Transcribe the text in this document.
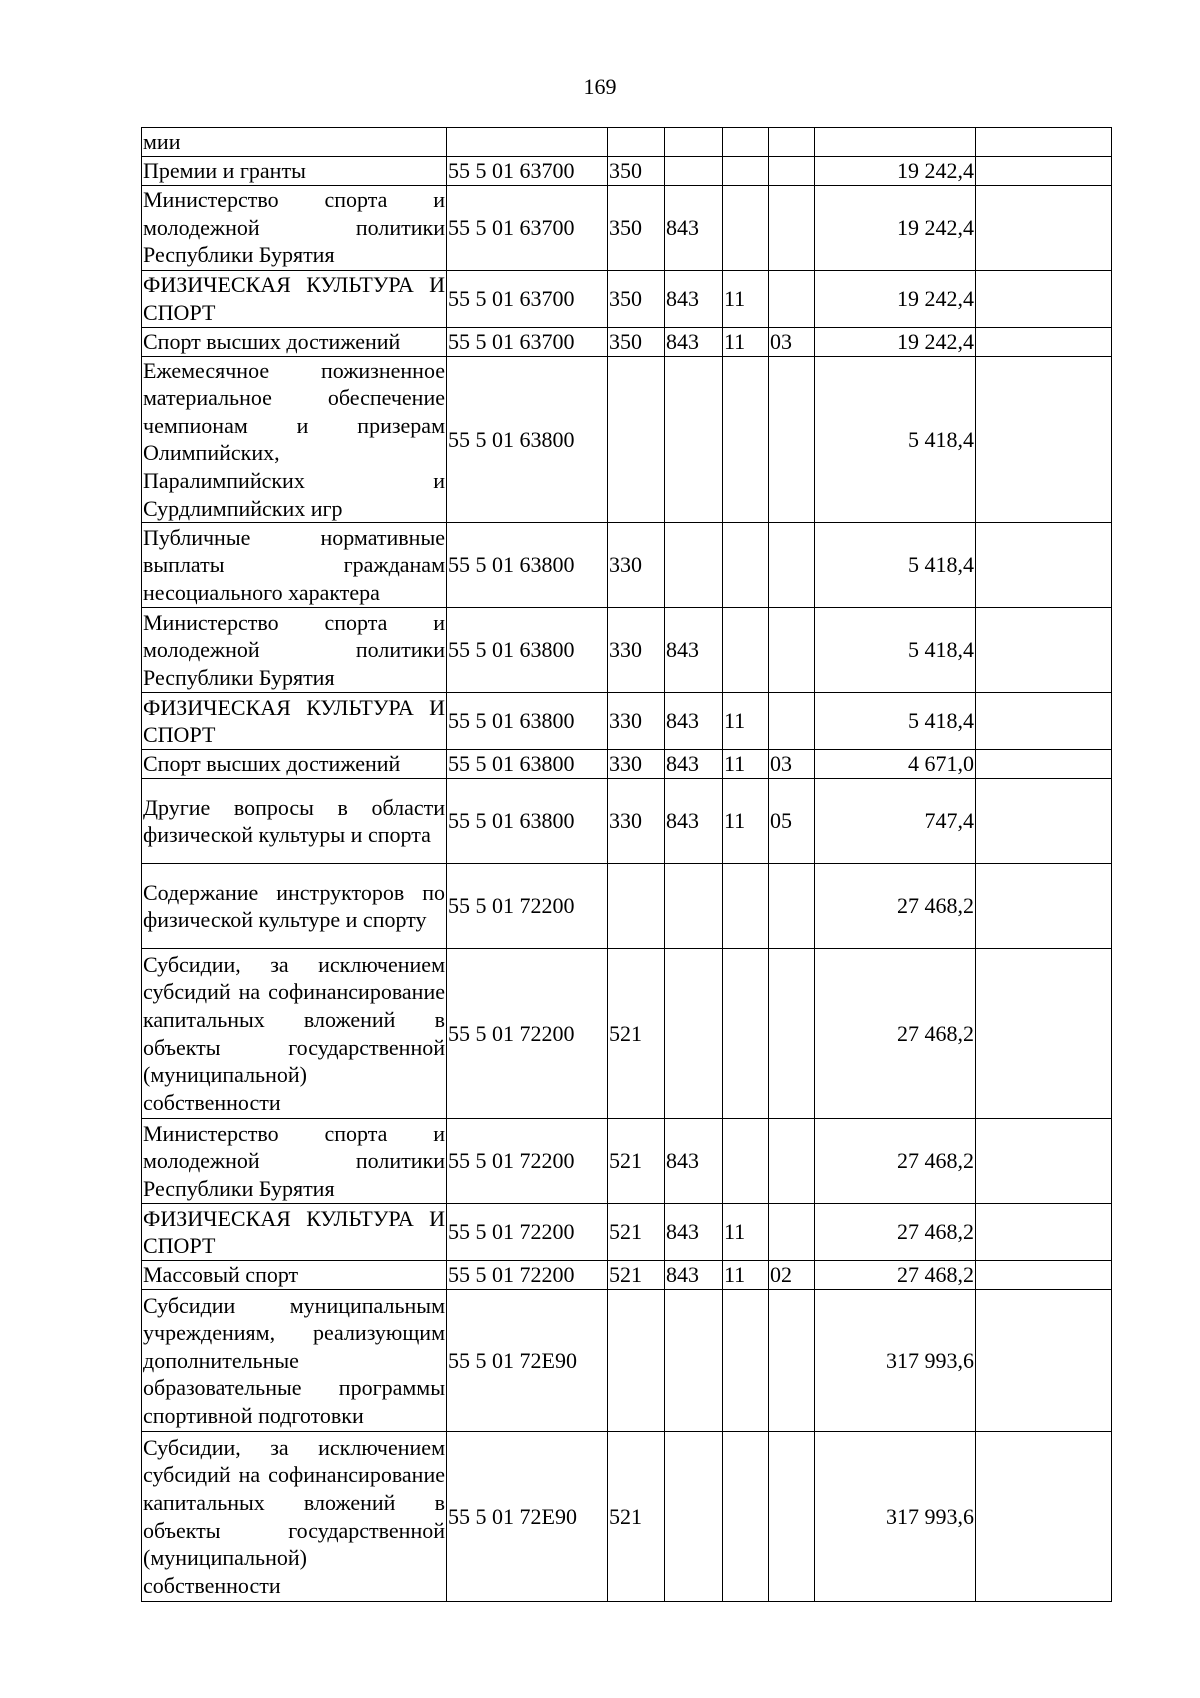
169
мии							
Премии и гранты	55 5 01 63700	350				19 242,4	
Министерство спорта и молодежной политики Республики Бурятия	55 5 01 63700	350	843			19 242,4	
ФИЗИЧЕСКАЯ КУЛЬТУРА И СПОРТ	55 5 01 63700	350	843	11		19 242,4	
Спорт высших достижений	55 5 01 63700	350	843	11	03	19 242,4	
Ежемесячное пожизненное материальное обеспечение чемпионам и призерам Олимпийских, Паралимпийских и Сурдлимпийских игр	55 5 01 63800					5 418,4	
Публичные нормативные выплаты гражданам несоциального характера	55 5 01 63800	330				5 418,4	
Министерство спорта и молодежной политики Республики Бурятия	55 5 01 63800	330	843			5 418,4	
ФИЗИЧЕСКАЯ КУЛЬТУРА И СПОРТ	55 5 01 63800	330	843	11		5 418,4	
Спорт высших достижений	55 5 01 63800	330	843	11	03	4 671,0	
Другие вопросы в области физической культуры и спорта	55 5 01 63800	330	843	11	05	747,4	
Содержание инструкторов по физической культуре и спорту	55 5 01 72200					27 468,2	
Субсидии, за исключением субсидий на софинансирование капитальных вложений в объекты государственной (муниципальной) собственности	55 5 01 72200	521				27 468,2	
Министерство спорта и молодежной политики Республики Бурятия	55 5 01 72200	521	843			27 468,2	
ФИЗИЧЕСКАЯ КУЛЬТУРА И СПОРТ	55 5 01 72200	521	843	11		27 468,2	
Массовый спорт	55 5 01 72200	521	843	11	02	27 468,2	
Субсидии муниципальным учреждениям, реализующим дополнительные образовательные программы спортивной подготовки	55 5 01 72Е90					317 993,6	
Субсидии, за исключением субсидий на софинансирование капитальных вложений в объекты государственной (муниципальной) собственности	55 5 01 72Е90	521				317 993,6	
